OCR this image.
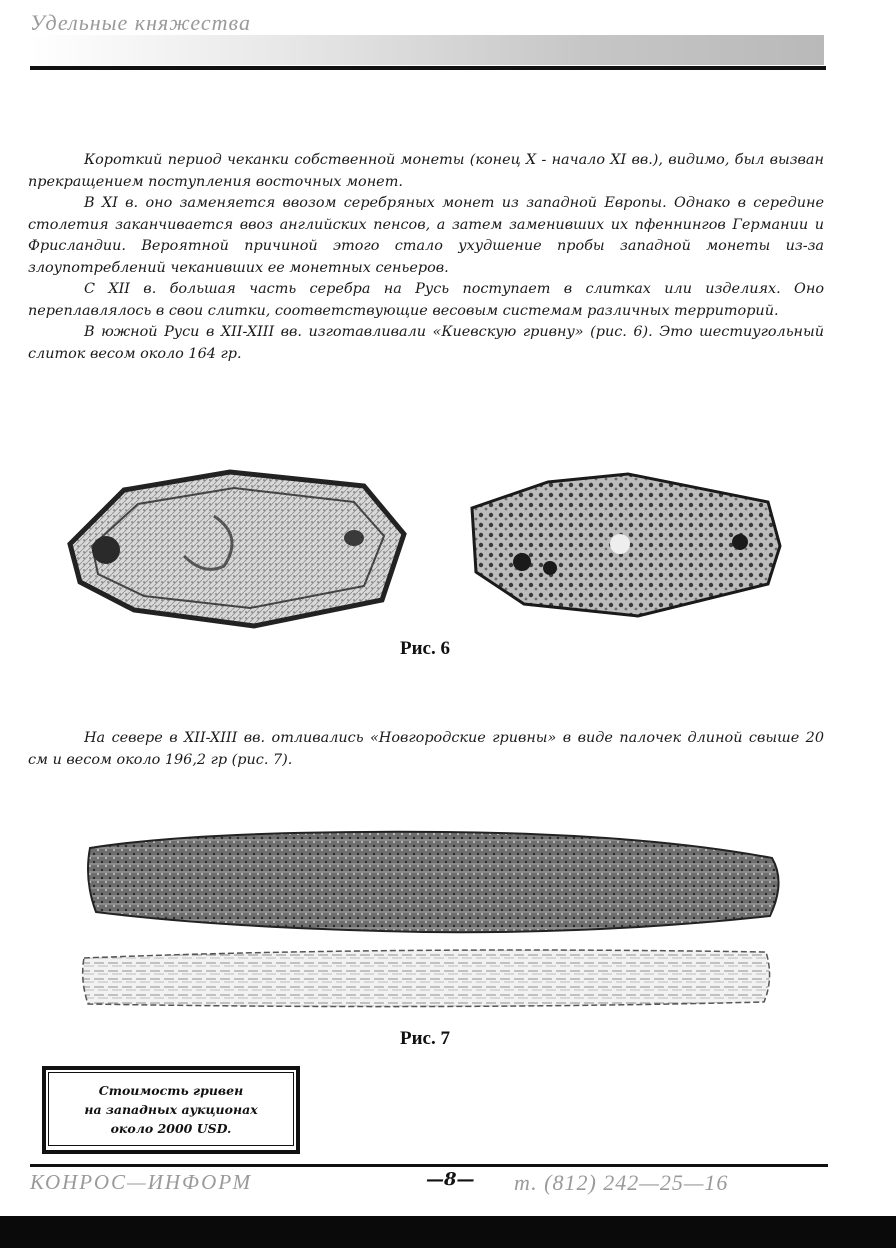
Удельные княжества

Короткий период чеканки собственной монеты (конец X - начало XI вв.), видимо, был вызван прекращением поступления восточных монет.

В XI в. оно заменяется ввозом серебряных монет из западной Европы. Однако в середине столетия заканчивается ввоз английских пенсов, а затем заменивших их пфеннингов Германии и Фрисландии. Вероятной причиной этого стало ухудшение пробы западной монеты из-за злоупотреблений чеканивших ее монетных сеньеров.

С XII в. большая часть серебра на Русь поступает в слитках или изделиях. Оно переплавлялось в свои слитки, соответствующие весовым системам различных территорий.

В южной Руси в XII-XIII вв. изготавливали «Киевскую гривну» (рис. 6). Это шестиугольный слиток весом около 164 гр.

Рис. 6

На севере в XII-XIII вв. отливались «Новгородские гривны» в виде палочек длиной свыше 20 см и весом около 196,2 гр (рис. 7).

Рис. 7
Стоимость гривен
на западных аукционах
около 2000 USD.
КОНРОС—ИНФОРМ	—8— т. (812) 242—25—16
